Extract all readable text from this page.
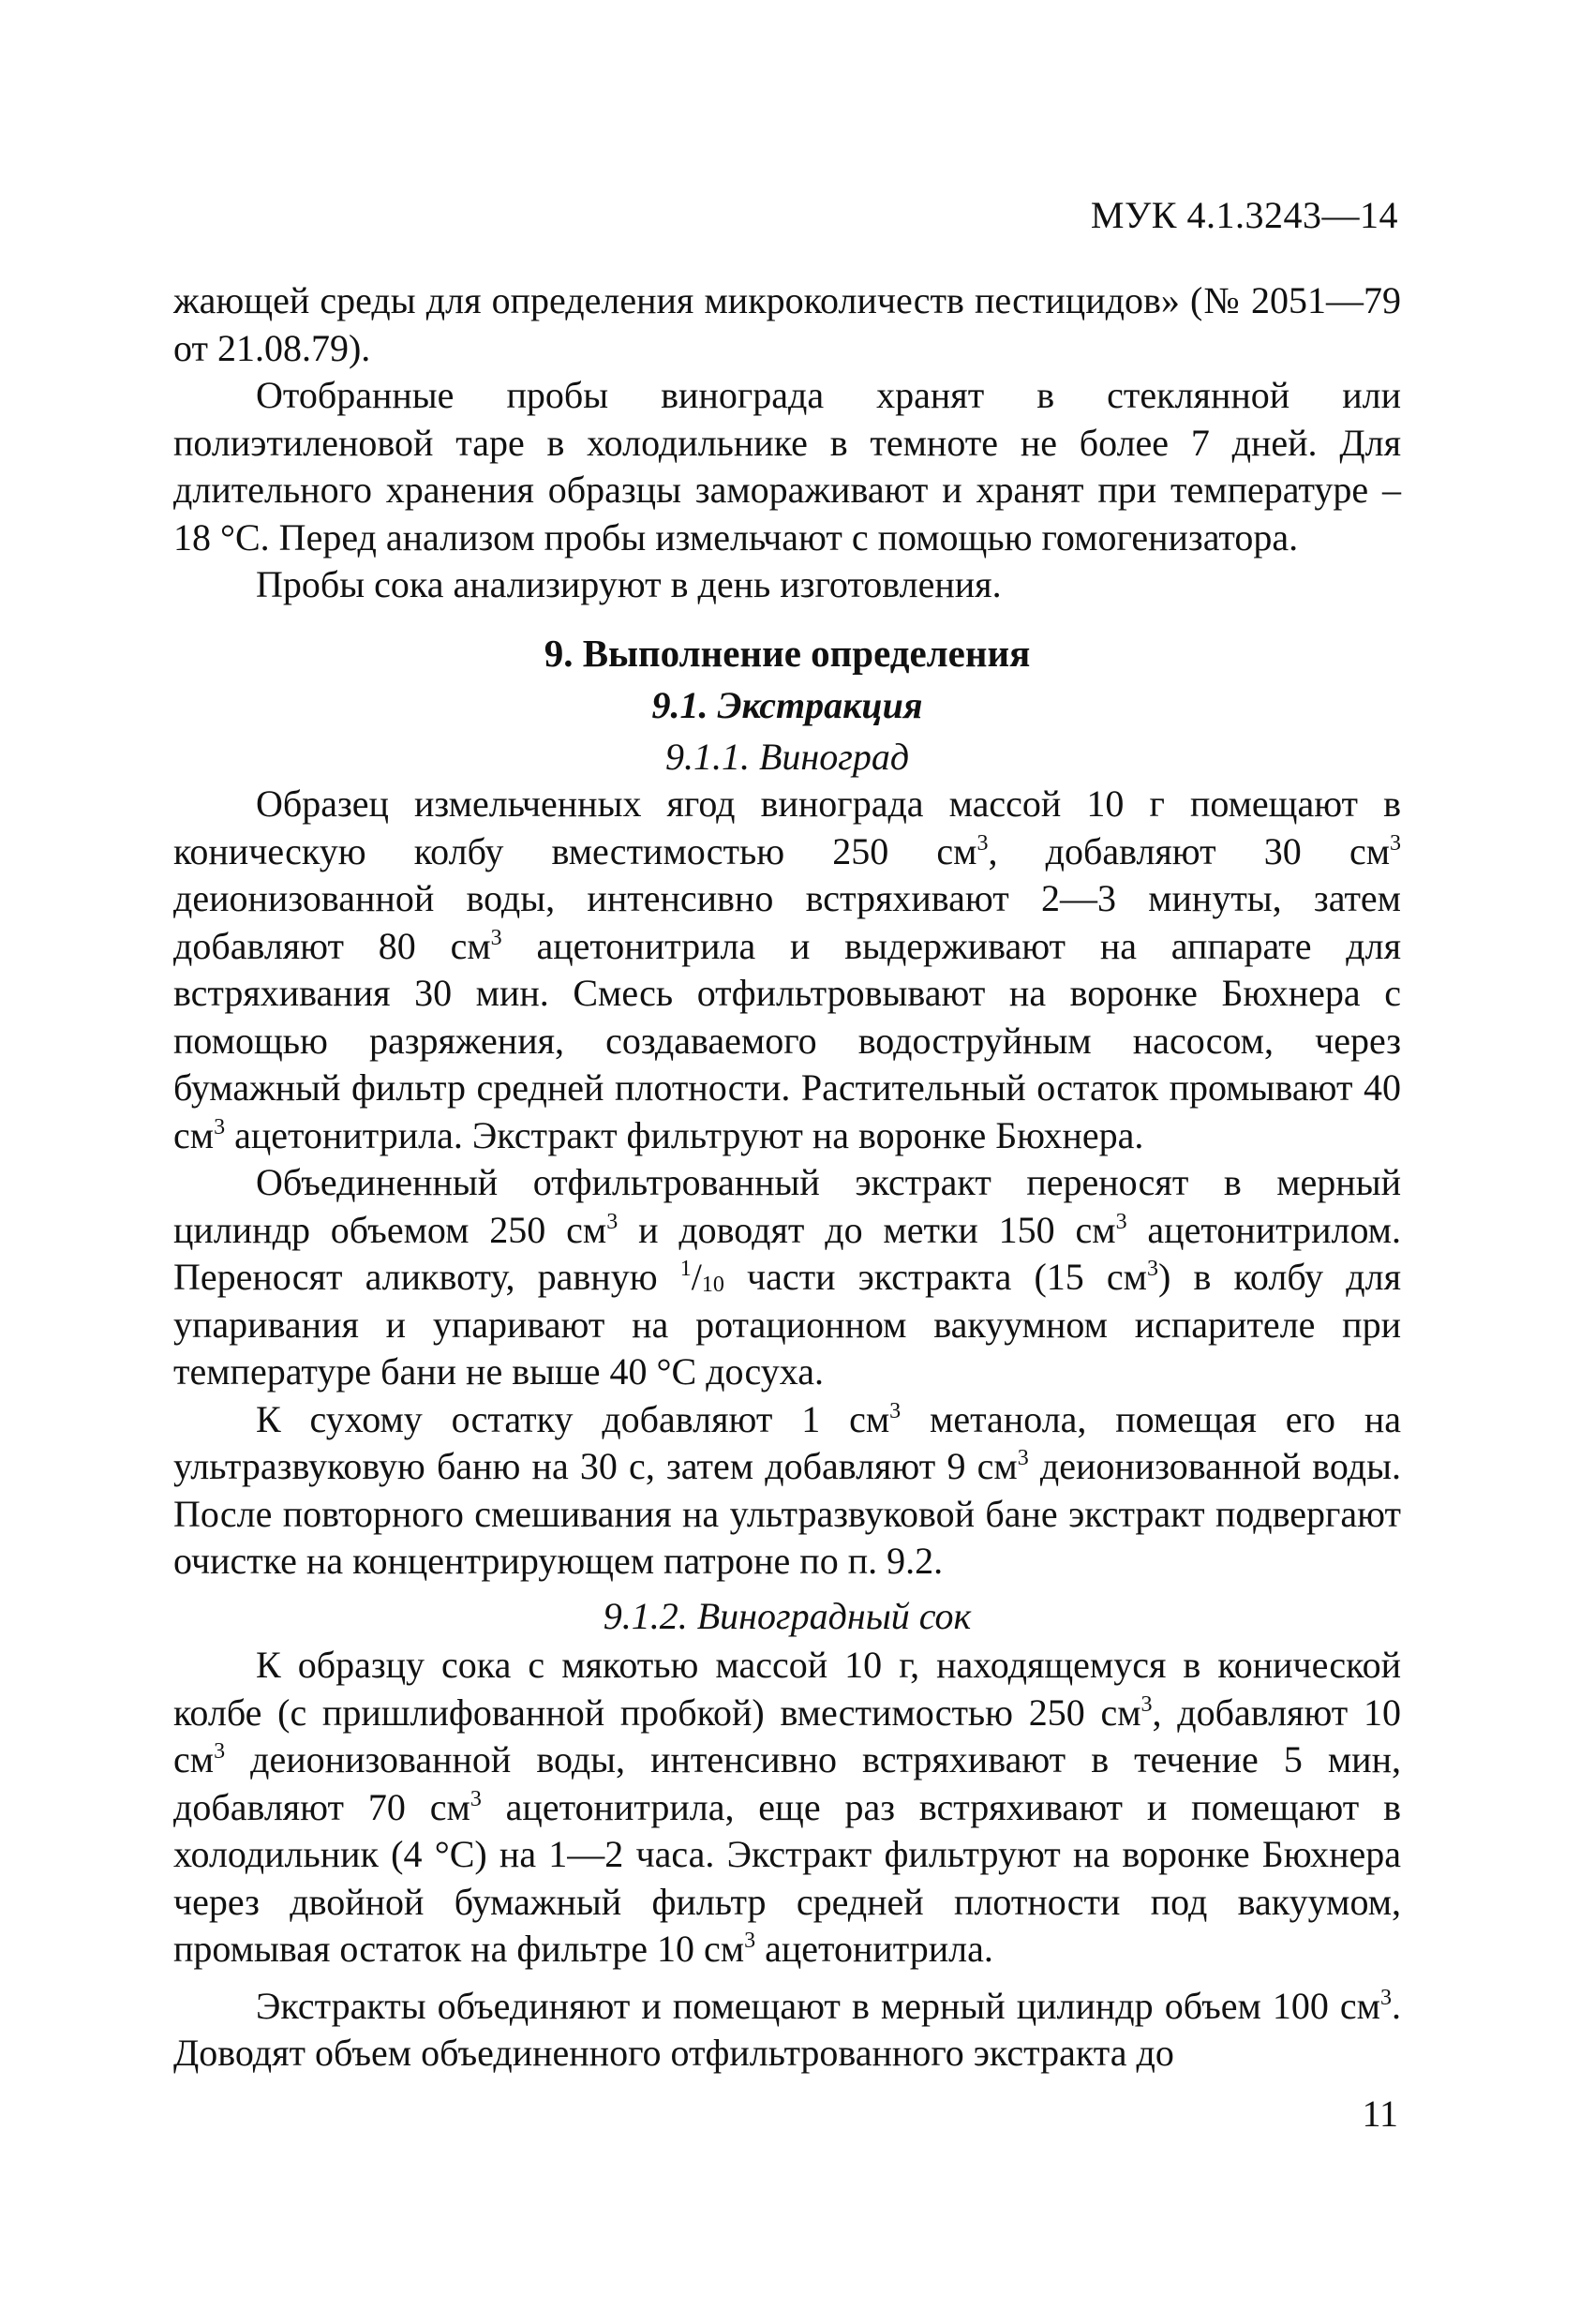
МУК 4.1.3243—14

жающей среды для определения микроколичеств пестицидов» (№ 2051—79 от 21.08.79).

Отобранные пробы винограда хранят в стеклянной или полиэтиленовой таре в холодильнике в темноте не более 7 дней. Для длительного хранения образцы замораживают и хранят при температуре –18 °C. Перед анализом пробы измельчают с помощью гомогенизатора.

Пробы сока анализируют в день изготовления.

9. Выполнение определения
9.1. Экстракция
9.1.1. Виноград

Образец измельченных ягод винограда массой 10 г помещают в коническую колбу вместимостью 250 $см^3$, добавляют 30 $см^3$ деионизованной воды, интенсивно встряхивают 2—3 минуты, затем добавляют 80 $см^3$ ацетонитрила и выдерживают на аппарате для встряхивания 30 мин. Смесь отфильтровывают на воронке Бюхнера с помощью разряжения, создаваемого водоструйным насосом, через бумажный фильтр средней плотности. Растительный остаток промывают 40 $см^3$ ацетонитрила. Экстракт фильтруют на воронке Бюхнера.

Объединенный отфильтрованный экстракт переносят в мерный цилиндр объемом 250 $см^3$ и доводят до метки 150 $см^3$ ацетонитрилом. Переносят аликвоту, равную $^1/_{10}$ части экстракта (15 $см^3$) в колбу для упаривания и упаривают на ротационном вакуумном испарителе при температуре бани не выше 40 °C досуха.

К сухому остатку добавляют 1 $см^3$ метанола, помещая его на ультразвуковую баню на 30 с, затем добавляют 9 $см^3$ деионизованной воды. После повторного смешивания на ультразвуковой бане экстракт подвергают очистке на концентрирующем патроне по п. 9.2.

9.1.2. Виноградный сок

К образцу сока с мякотью массой 10 г, находящемуся в конической колбе (с пришлифованной пробкой) вместимостью 250 $см^3$, добавляют 10 $см^3$ деионизованной воды, интенсивно встряхивают в течение 5 мин, добавляют 70 $см^3$ ацетонитрила, еще раз встряхивают и помещают в холодильник (4 °C) на 1—2 часа. Экстракт фильтруют на воронке Бюхнера через двойной бумажный фильтр средней плотности под вакуумом, промывая остаток на фильтре 10 $см^3$ ацетонитрила.

Экстракты объединяют и помещают в мерный цилиндр объем 100 $см^3$. Доводят объем объединенного отфильтрованного экстракта до

11
